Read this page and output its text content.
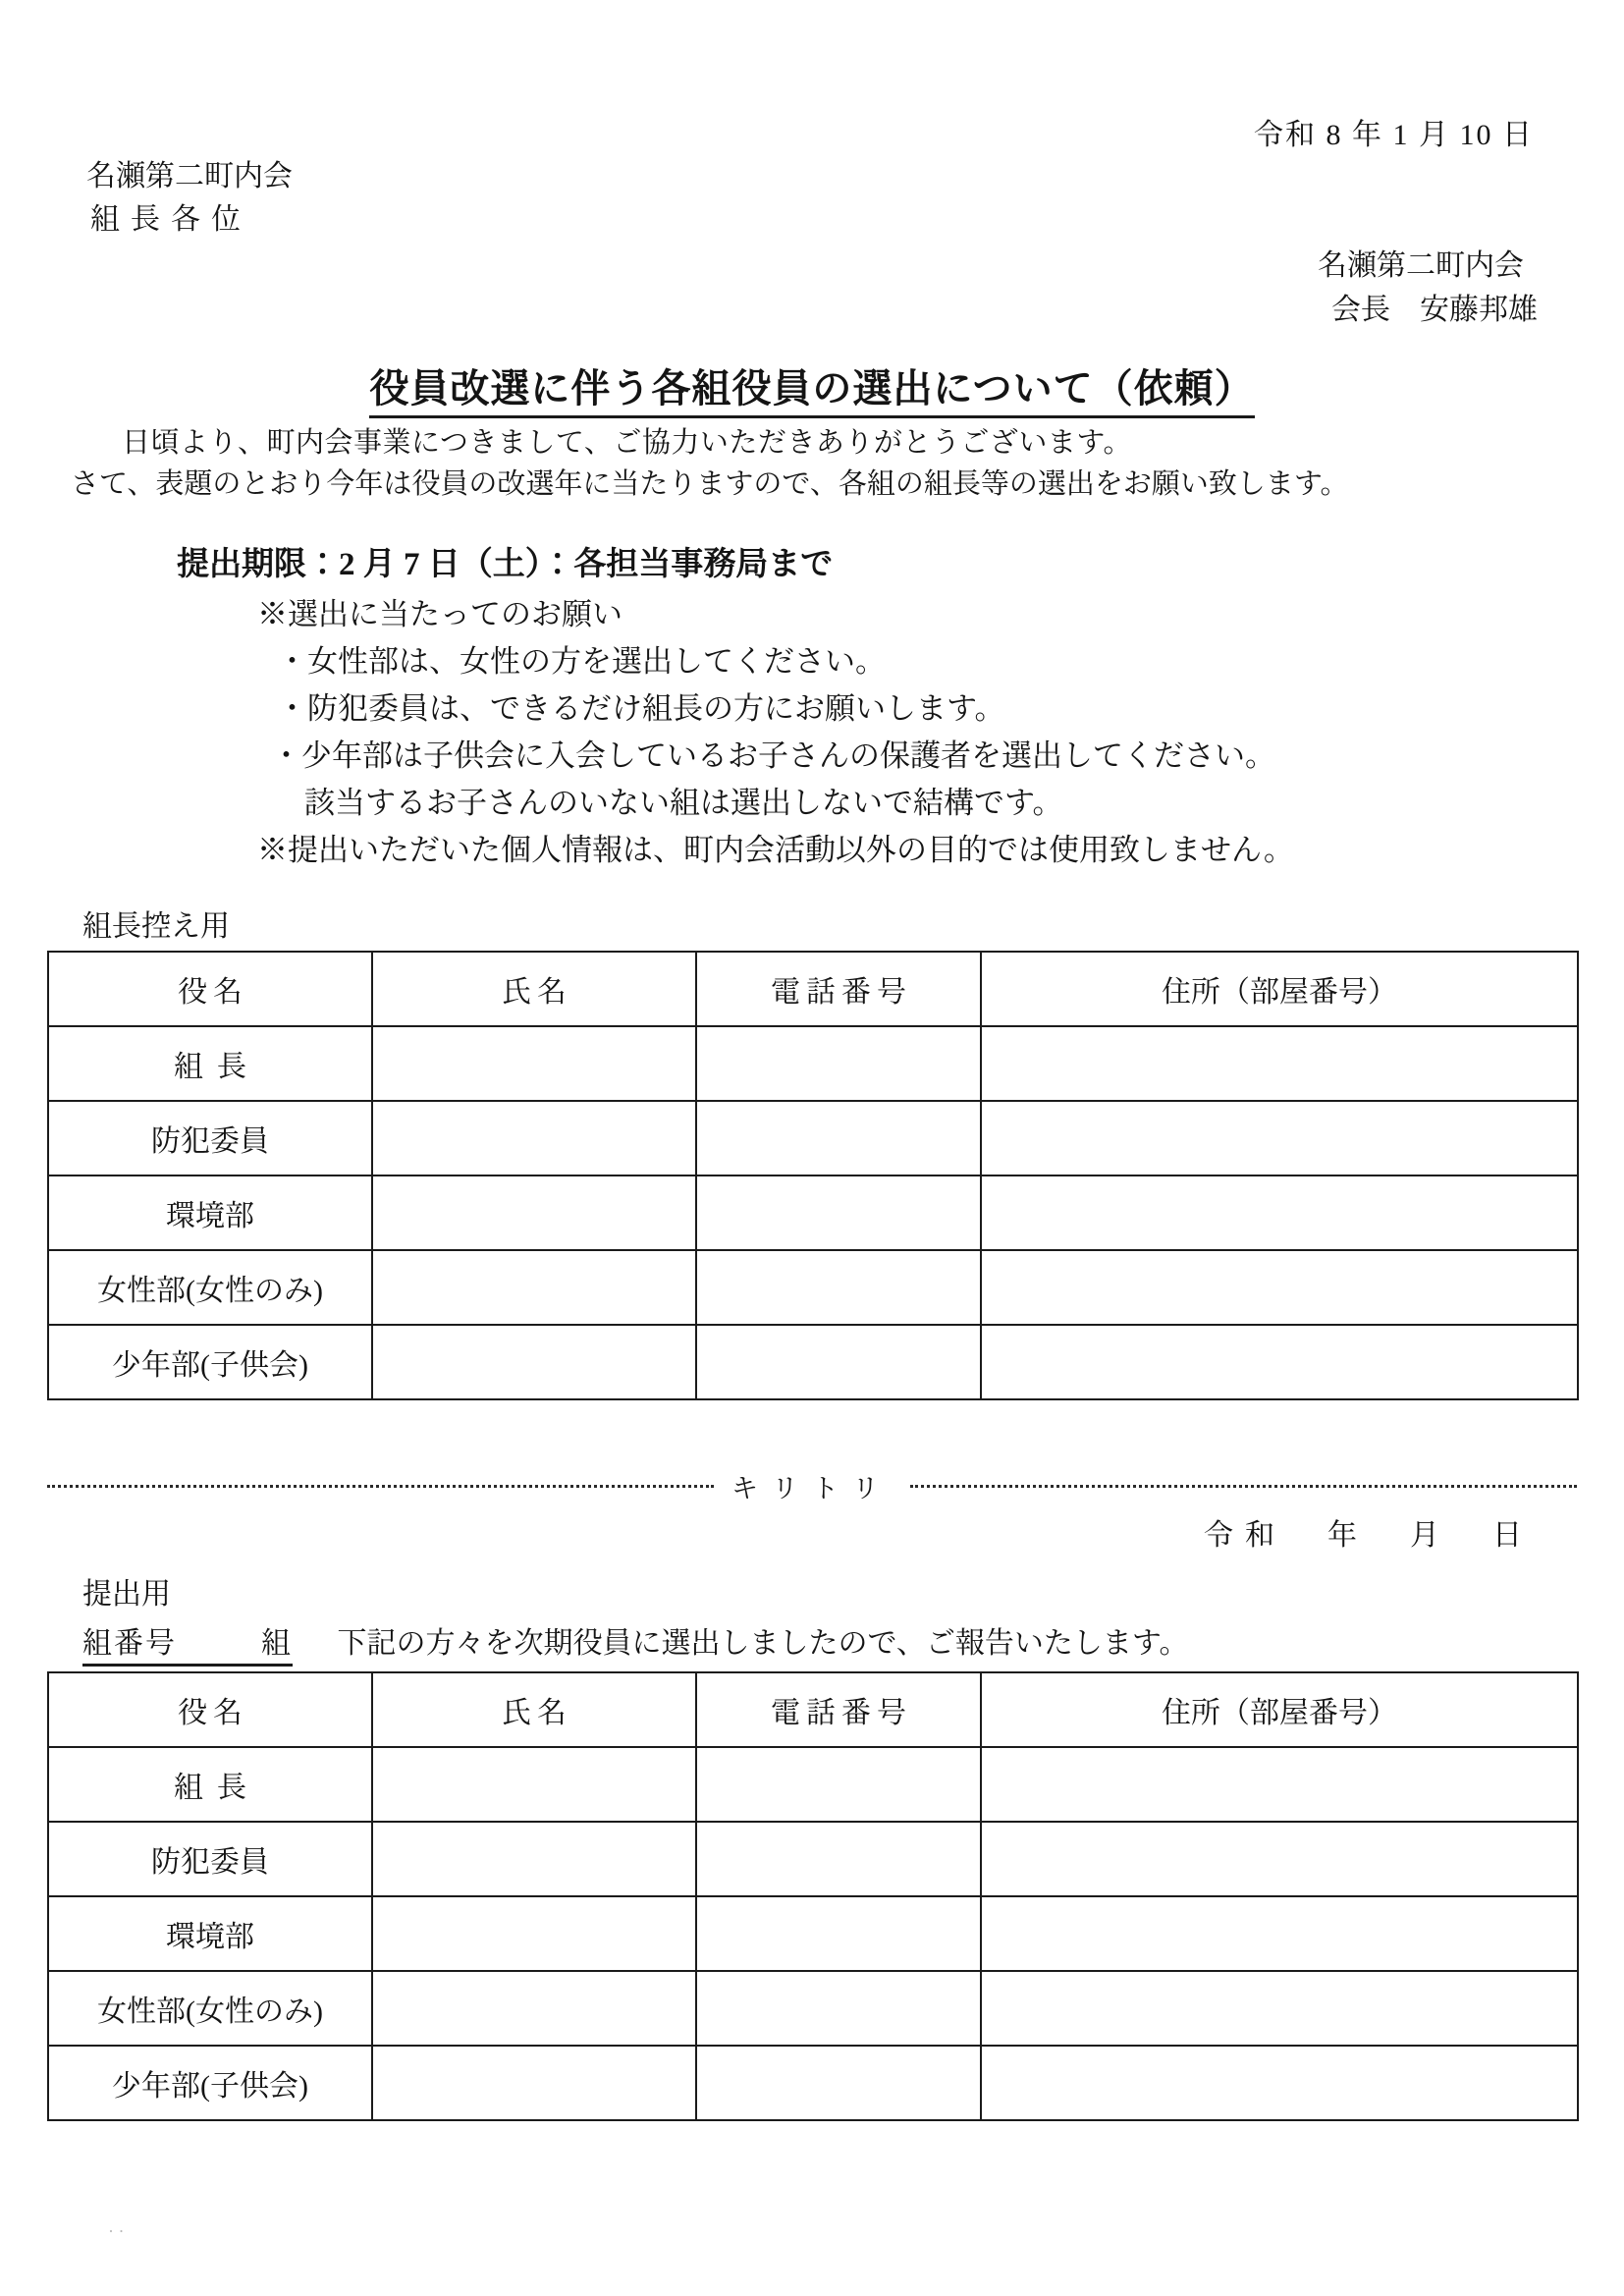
令和 8 年 1 月 10 日
名瀬第二町内会
組長各位
名瀬第二町内会
会長　安藤邦雄
役員改選に伴う各組役員の選出について（依頼）
日頃より、町内会事業につきまして、ご協力いただきありがとうございます。
さて、表題のとおり今年は役員の改選年に当たりますので、各組の組長等の選出をお願い致します。
提出期限：2 月 7 日（土）：各担当事務局まで
※選出に当たってのお願い
・女性部は、女性の方を選出してください。
・防犯委員は、できるだけ組長の方にお願いします。
・少年部は子供会に入会しているお子さんの保護者を選出してください。
該当するお子さんのいない組は選出しないで結構です。
※提出いただいた個人情報は、町内会活動以外の目的では使用致しません。
組長控え用
役名	氏名	電話番号	住所（部屋番号）
組長			
防犯委員			
環境部			
女性部(女性のみ)			
少年部(子供会)			
キリトリ
令和　年　月　日
提出用
組番号	組 下記の方々を次期役員に選出しましたので、ご報告いたします。
役名	氏名	電話番号	住所（部屋番号）
組長			
防犯委員			
環境部			
女性部(女性のみ)			
少年部(子供会)			
· ·
